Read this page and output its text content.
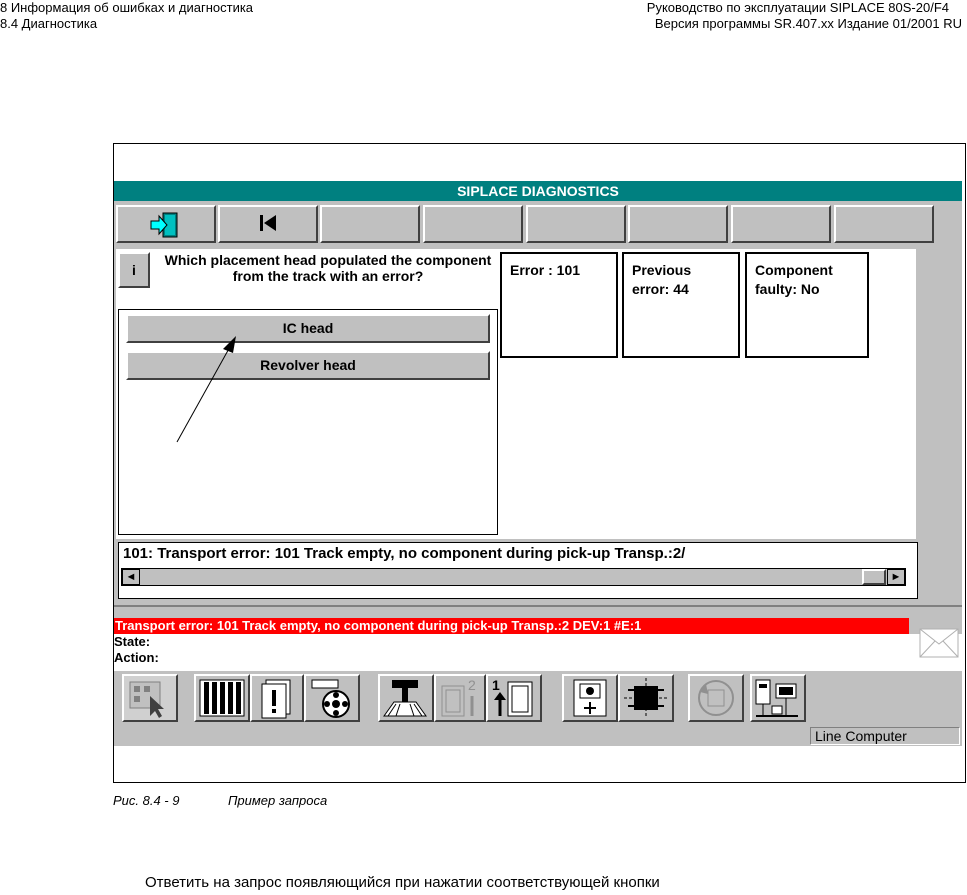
8 Информация об ошибках и диагностика
8.4 Диагностика
Руководство по эксплуатации SIPLACE 80S-20/F4
Версия программы SR.407.xx Издание 01/2001 RU
SIPLACE DIAGNOSTICS
i
Which placement head populated the component from the track with an error?
IC head
Revolver head
Error : 101	Previous
error: 44
Component
faulty: No
101: Transport error: 101 Track empty, no component during pick-up Transp.:2/
◄	►
Transport error: 101 Track empty, no component during pick-up Transp.:2 DEV:1 #E:1
State:
Action:
2 1
Line Computer
Рис. 8.4 - 9	Пример запроса
Ответить на запрос появляющийся при нажатии соответствующей кнопки
